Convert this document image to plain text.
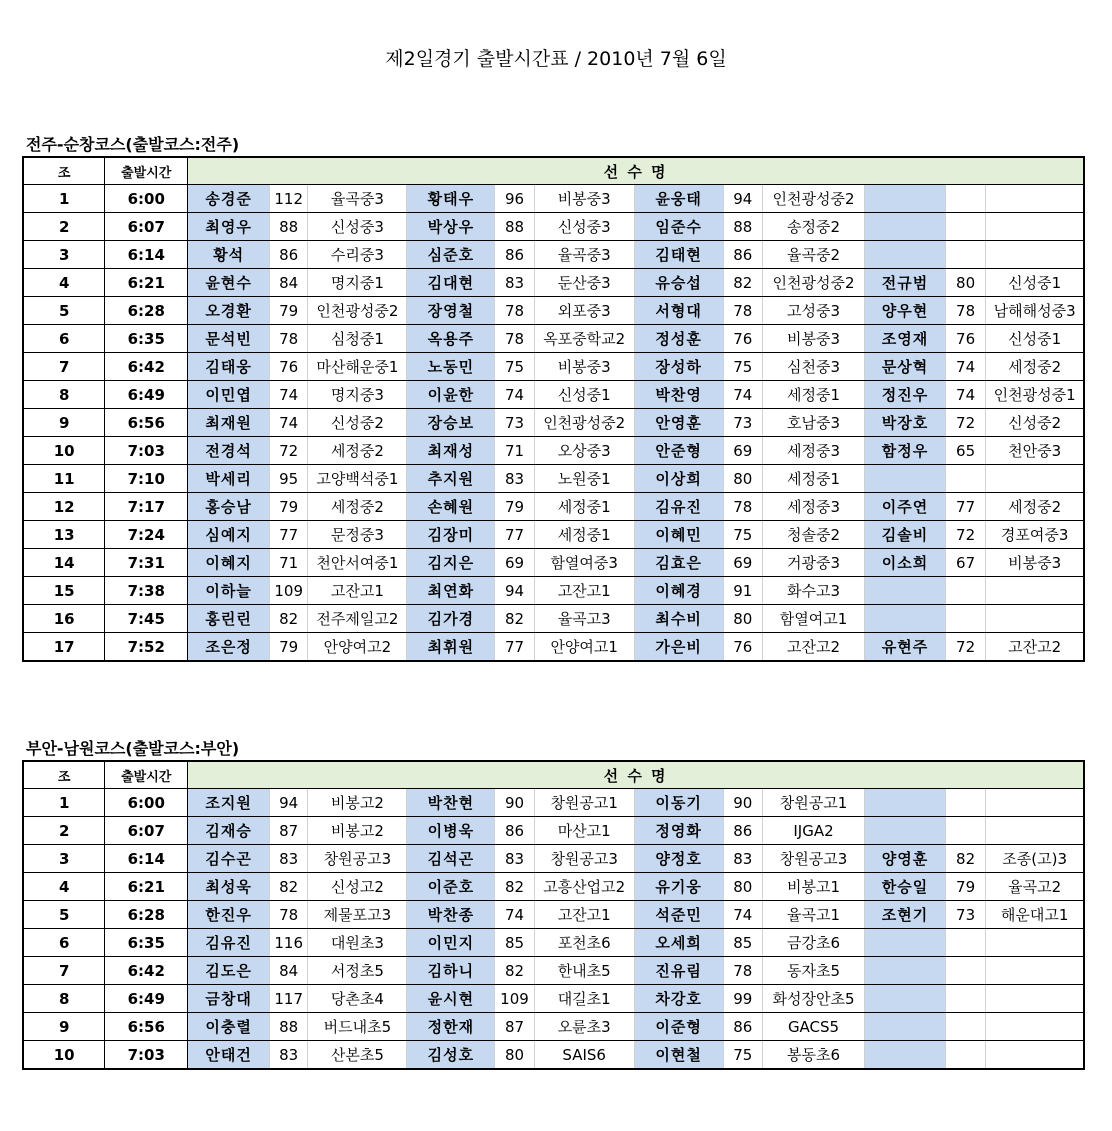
제2일경기 출발시간표 / 2010년 7월 6일
전주-순창코스(출발코스:전주)
조	출발시간	선 수 명											
1	6:00	송경준	112	율곡중3	황태우	96	비봉중3	윤웅태	94	인천광성중2			
2	6:07	최영우	88	신성중3	박상우	88	신성중3	임준수	88	송정중2			
3	6:14	황석	86	수리중3	심준호	86	율곡중3	김태현	86	율곡중2			
4	6:21	윤현수	84	명지중1	김대현	83	둔산중3	유승섭	82	인천광성중2	전규범	80	신성중1
5	6:28	오경환	79	인천광성중2	장영철	78	외포중3	서형대	78	고성중3	양우현	78	남해해성중3
6	6:35	문석빈	78	심청중1	옥용주	78	옥포중학교2	정성훈	76	비봉중3	조영재	76	신성중1
7	6:42	김태웅	76	마산해운중1	노동민	75	비봉중3	장성하	75	심천중3	문상혁	74	세정중2
8	6:49	이민엽	74	명지중3	이윤한	74	신성중1	박찬영	74	세정중1	정진우	74	인천광성중1
9	6:56	최재원	74	신성중2	장승보	73	인천광성중2	안영훈	73	호남중3	박장호	72	신성중2
10	7:03	전경석	72	세정중2	최재성	71	오상중3	안준형	69	세정중3	함정우	65	천안중3
11	7:10	박세리	95	고양백석중1	추지원	83	노원중1	이상희	80	세정중1			
12	7:17	홍승남	79	세정중2	손혜원	79	세정중1	김유진	78	세정중3	이주연	77	세정중2
13	7:24	심예지	77	문정중3	김장미	77	세정중1	이혜민	75	청솔중2	김솔비	72	경포여중3
14	7:31	이혜지	71	천안서여중1	김지은	69	함열여중3	김효은	69	거광중3	이소희	67	비봉중3
15	7:38	이하늘	109	고잔고1	최연화	94	고잔고1	이혜경	91	화수고3			
16	7:45	홍린린	82	전주제일고2	김가경	82	율곡고3	최수비	80	함열여고1			
17	7:52	조은정	79	안양여고2	최휘원	77	안양여고1	가은비	76	고잔고2	유현주	72	고잔고2
부안-남원코스(출발코스:부안)
조	출발시간	선 수 명											
1	6:00	조지원	94	비봉고2	박찬현	90	창원공고1	이동기	90	창원공고1			
2	6:07	김재승	87	비봉고2	이병욱	86	마산고1	정영화	86	IJGA2			
3	6:14	김수곤	83	창원공고3	김석곤	83	창원공고3	양정호	83	창원공고3	양영훈	82	조종(고)3
4	6:21	최성욱	82	신성고2	이준호	82	고흥산업고2	유기웅	80	비봉고1	한승일	79	율곡고2
5	6:28	한진우	78	제물포고3	박찬종	74	고잔고1	석준민	74	율곡고1	조현기	73	해운대고1
6	6:35	김유진	116	대원초3	이민지	85	포천초6	오세희	85	금강초6			
7	6:42	김도은	84	서정초5	김하니	82	한내초5	진유림	78	동자초5			
8	6:49	금창대	117	당촌초4	윤시현	109	대길초1	차강호	99	화성장안초5			
9	6:56	이충렬	88	버드내초5	정한재	87	오륜초3	이준형	86	GACS5			
10	7:03	안태건	83	산본초5	김성호	80	SAIS6	이현철	75	봉동초6			
